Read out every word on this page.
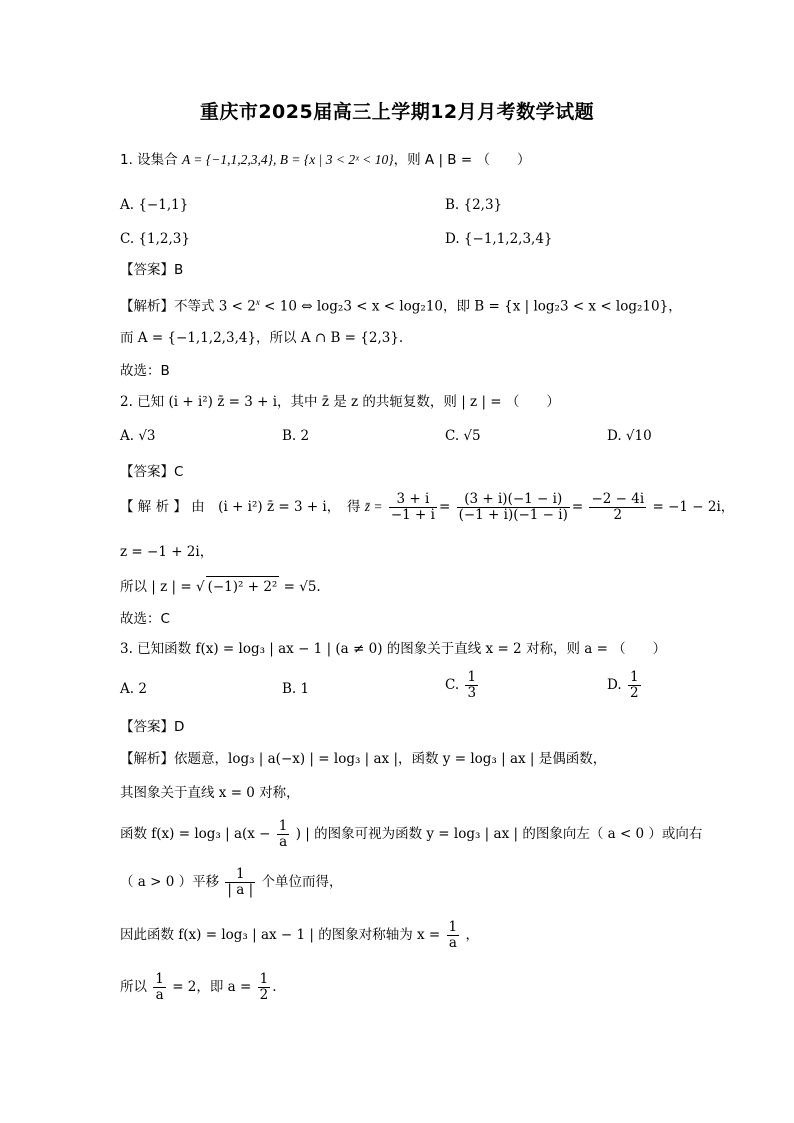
重庆市2025届高三上学期12月月考数学试题
1. 设集合 A = {−1,1,2,3,4}, B = {x | 3 < 2ˣ < 10}，则 A | B = （　　）
A. {−1,1}	B. {2,3}
C. {1,2,3}	D. {−1,1,2,3,4}
【答案】B
【解析】不等式 $3 < 2^x < 10$ ⇔ log₂3 < x < log₂10，即 B = {x | log₂3 < x < log₂10}，
而 A = {−1,1,2,3,4}，所以 A ∩ B = {2,3}.
故选：B
2. 已知 (i + i²) z̄ = 3 + i，其中 z̄ 是 z 的共轭复数，则 | z | = （　　）
A. √3	B. 2	C. √5	D. √10
【答案】C
【 解 析 】 由　(i + i²) z̄ = 3 + i，　得 z̄ = $\frac{3 + i}{-1 + i} = \frac{(3 + i)(-1 - i)}{(-1 + i)(-1 - i)} = \frac{-2 - 4i}{2} = -1 - 2i$，
z = −1 + 2i，
所以 | z | = √ (−1)² + 2² = √5.
故选：C
3. 已知函数 f(x) = log₃ | ax − 1 | (a ≠ 0) 的图象关于直线 x = 2 对称，则 a = （　　）
A. 2	B. 1	C. $\frac{1}{3}$	D. $\frac{1}{2}$
【答案】D
【解析】依题意，log₃ | a(−x) | = log₃ | ax |，函数 y = log₃ | ax | 是偶函数，
其图象关于直线 x = 0 对称，
函数 f(x) = log₃ | $a(x - \frac{1}{a}$ ) | 的图象可视为函数 y = log₃ | ax | 的图象向左（ a < 0 ）或向右
（ a > 0 ）平移 $\frac{1}{| a |}$ 个单位而得，
因此函数 f(x) = log₃ | ax − 1 | 的图象对称轴为 $x = \frac{1}{a}$ ，
所以 $\frac{1}{a} = 2$，即 $a = \frac{1}{2}$ .
